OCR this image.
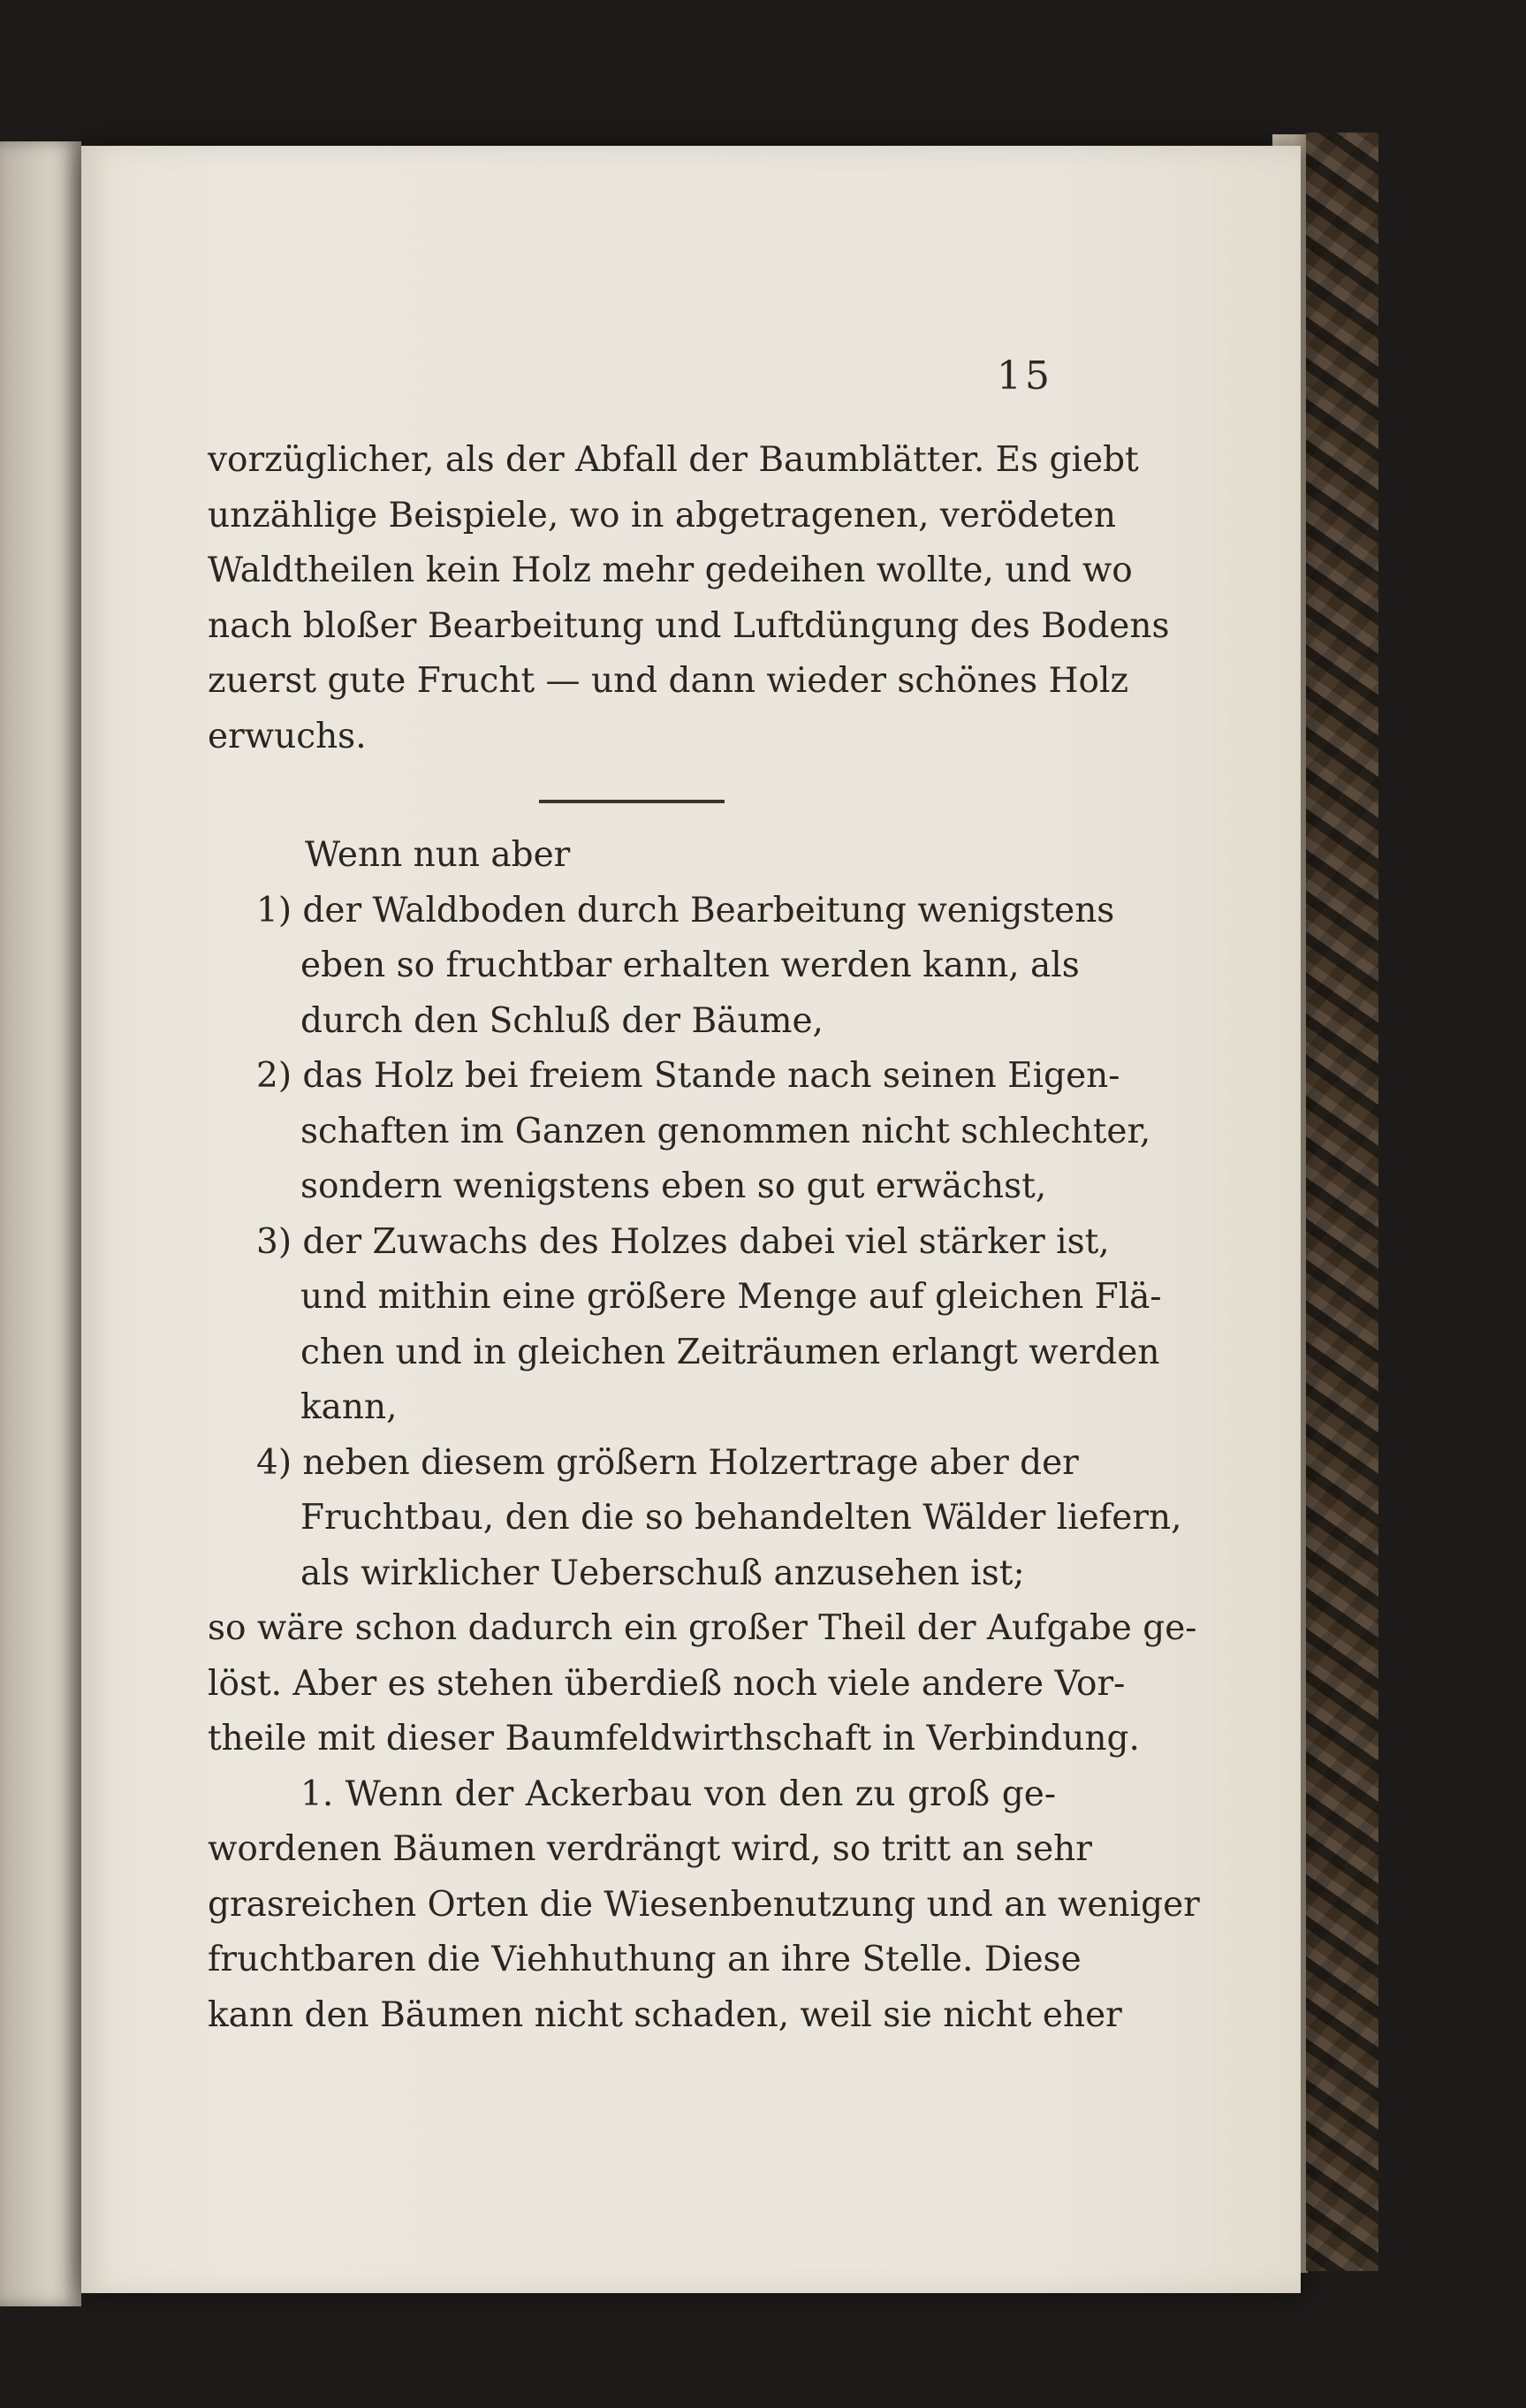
15
vorzüglicher, als der Abfall der Baumblätter. Es giebt
unzählige Beispiele, wo in abgetragenen, verödeten
Waldtheilen kein Holz mehr gedeihen wollte, und wo
nach bloßer Bearbeitung und Luftdüngung des Bodens
zuerst gute Frucht — und dann wieder schönes Holz
erwuchs.
Wenn nun aber
1) der Waldboden durch Bearbeitung wenigstens
eben so fruchtbar erhalten werden kann, als
durch den Schluß der Bäume,
2) das Holz bei freiem Stande nach seinen Eigen-
schaften im Ganzen genommen nicht schlechter,
sondern wenigstens eben so gut erwächst,
3) der Zuwachs des Holzes dabei viel stärker ist,
und mithin eine größere Menge auf gleichen Flä-
chen und in gleichen Zeiträumen erlangt werden
kann,
4) neben diesem größern Holzertrage aber der
Fruchtbau, den die so behandelten Wälder liefern,
als wirklicher Ueberschuß anzusehen ist;
so wäre schon dadurch ein großer Theil der Aufgabe ge-
löst. Aber es stehen überdieß noch viele andere Vor-
theile mit dieser Baumfeldwirthschaft in Verbindung.
1. Wenn der Ackerbau von den zu groß ge-
wordenen Bäumen verdrängt wird, so tritt an sehr
grasreichen Orten die Wiesenbenutzung und an weniger
fruchtbaren die Viehhuthung an ihre Stelle. Diese
kann den Bäumen nicht schaden, weil sie nicht eher
